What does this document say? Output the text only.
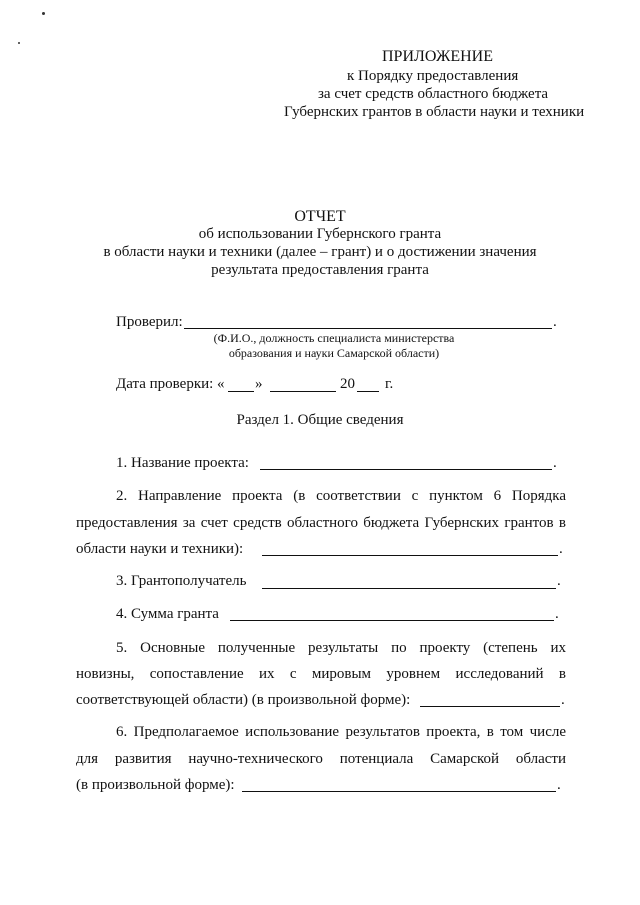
ПРИЛОЖЕНИЕ
к Порядку предоставления
за счет средств областного бюджета
Губернских грантов в области науки и техники
ОТЧЕТ
об использовании Губернского гранта
в области науки и техники (далее – грант) и о достижении значения
результата предоставления гранта
Проверил:	.
(Ф.И.О., должность специалиста министерства
образования и науки Самарской области)
Дата проверки: « »	20 г.
Раздел 1. Общие сведения
1. Название проекта:	.
2. Направление проекта (в соответствии с пунктом 6 Порядка
предоставления за счет средств областного бюджета Губернских грантов в
области науки и техники):	.
3. Грантополучатель	.
4. Сумма гранта	.
5. Основные полученные результаты по проекту (степень их
новизны, сопоставление их с мировым уровнем исследований в
соответствующей области) (в произвольной форме):	.
6. Предполагаемое использование результатов проекта, в том числе
для развития научно-технического потенциала Самарской области
(в произвольной форме):	.
